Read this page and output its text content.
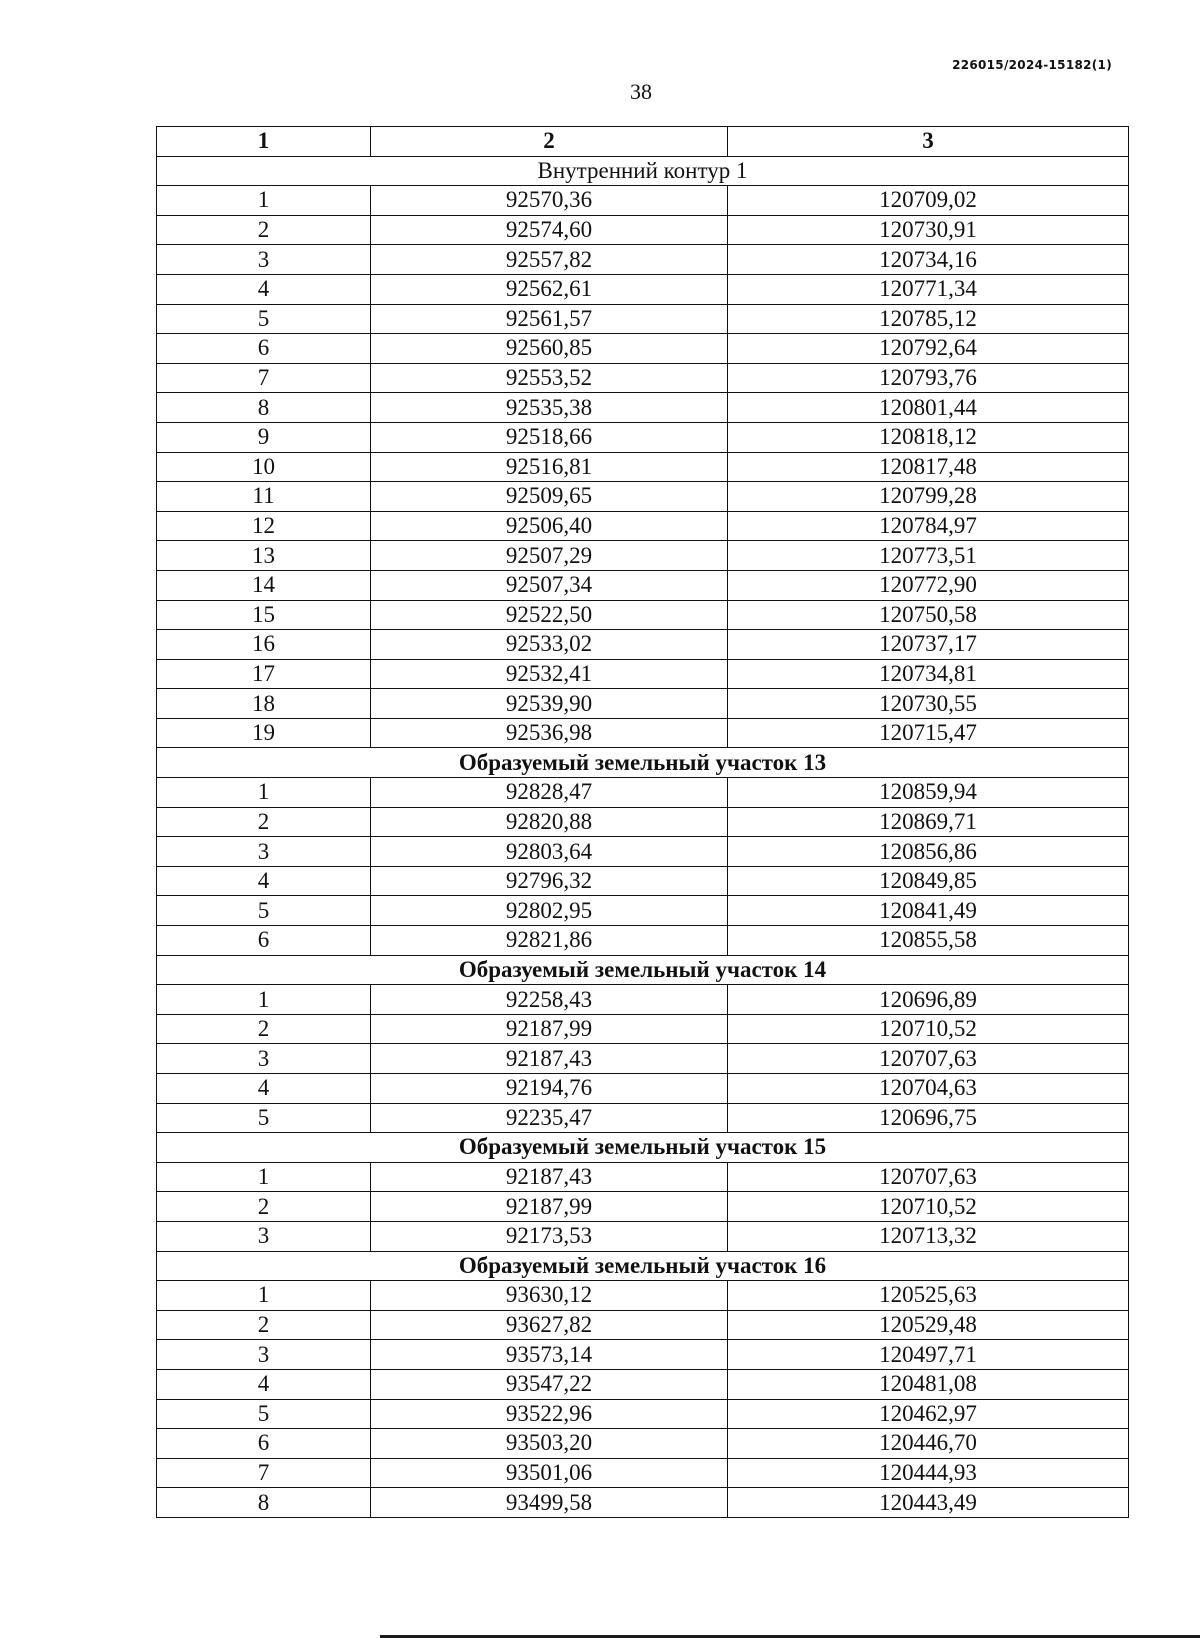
226015/2024-15182(1)
38
1	2	3
Внутренний контур 1		
1	92570,36	120709,02
2	92574,60	120730,91
3	92557,82	120734,16
4	92562,61	120771,34
5	92561,57	120785,12
6	92560,85	120792,64
7	92553,52	120793,76
8	92535,38	120801,44
9	92518,66	120818,12
10	92516,81	120817,48
11	92509,65	120799,28
12	92506,40	120784,97
13	92507,29	120773,51
14	92507,34	120772,90
15	92522,50	120750,58
16	92533,02	120737,17
17	92532,41	120734,81
18	92539,90	120730,55
19	92536,98	120715,47
Образуемый земельный участок 13		
1	92828,47	120859,94
2	92820,88	120869,71
3	92803,64	120856,86
4	92796,32	120849,85
5	92802,95	120841,49
6	92821,86	120855,58
Образуемый земельный участок 14		
1	92258,43	120696,89
2	92187,99	120710,52
3	92187,43	120707,63
4	92194,76	120704,63
5	92235,47	120696,75
Образуемый земельный участок 15		
1	92187,43	120707,63
2	92187,99	120710,52
3	92173,53	120713,32
Образуемый земельный участок 16		
1	93630,12	120525,63
2	93627,82	120529,48
3	93573,14	120497,71
4	93547,22	120481,08
5	93522,96	120462,97
6	93503,20	120446,70
7	93501,06	120444,93
8	93499,58	120443,49
